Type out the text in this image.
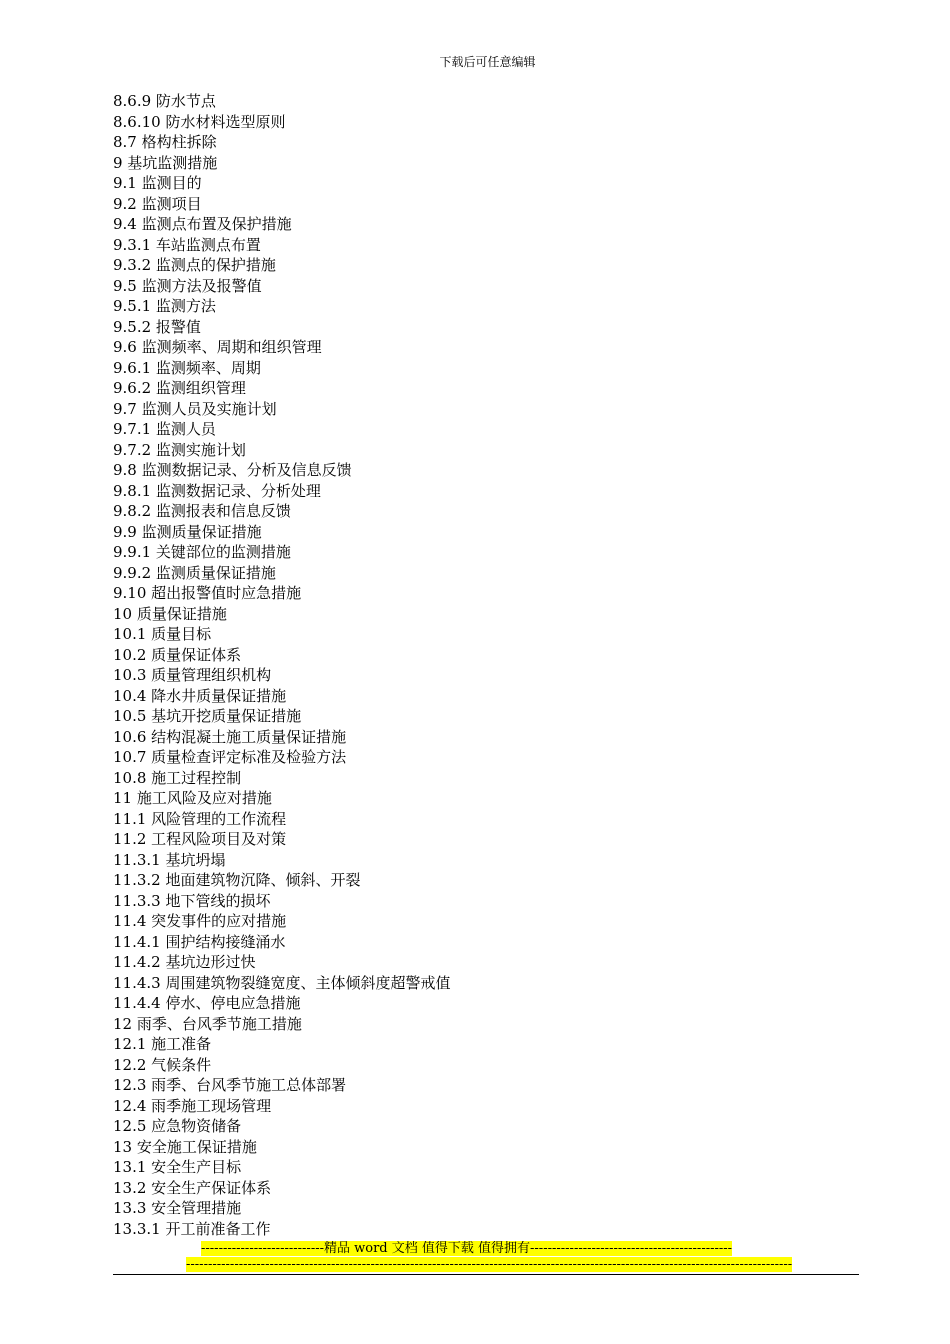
下载后可任意编辑
8.6.9 防水节点
8.6.10 防水材料选型原则
8.7 格构柱拆除
9 基坑监测措施
9.1 监测目的
9.2 监测项目
9.4 监测点布置及保护措施
9.3.1 车站监测点布置
9.3.2 监测点的保护措施
9.5 监测方法及报警值
9.5.1 监测方法
9.5.2 报警值
9.6 监测频率、周期和组织管理
9.6.1 监测频率、周期
9.6.2 监测组织管理
9.7 监测人员及实施计划
9.7.1 监测人员
9.7.2 监测实施计划
9.8 监测数据记录、分析及信息反馈
9.8.1 监测数据记录、分析处理
9.8.2 监测报表和信息反馈
9.9 监测质量保证措施
9.9.1 关键部位的监测措施
9.9.2 监测质量保证措施
9.10 超出报警值时应急措施
10 质量保证措施
10.1 质量目标
10.2 质量保证体系
10.3 质量管理组织机构
10.4 降水井质量保证措施
10.5 基坑开挖质量保证措施
10.6 结构混凝土施工质量保证措施
10.7 质量检查评定标准及检验方法
10.8 施工过程控制
11 施工风险及应对措施
11.1 风险管理的工作流程
11.2 工程风险项目及对策
11.3.1 基坑坍塌
11.3.2 地面建筑物沉降、倾斜、开裂
11.3.3 地下管线的损坏
11.4 突发事件的应对措施
11.4.1 围护结构接缝涌水
11.4.2 基坑边形过快
11.4.3 周围建筑物裂缝宽度、主体倾斜度超警戒值
11.4.4 停水、停电应急措施
12 雨季、台风季节施工措施
12.1 施工准备
12.2 气候条件
12.3 雨季、台风季节施工总体部署
12.4 雨季施工现场管理
12.5 应急物资储备
13 安全施工保证措施
13.1 安全生产目标
13.2 安全生产保证体系
13.3 安全管理措施
13.3.1 开工前准备工作
----------------------------精品 word 文档 值得下载 值得拥有----------------------------------------------
------------------------------------------------------------------------------------------------------------------------------------------
